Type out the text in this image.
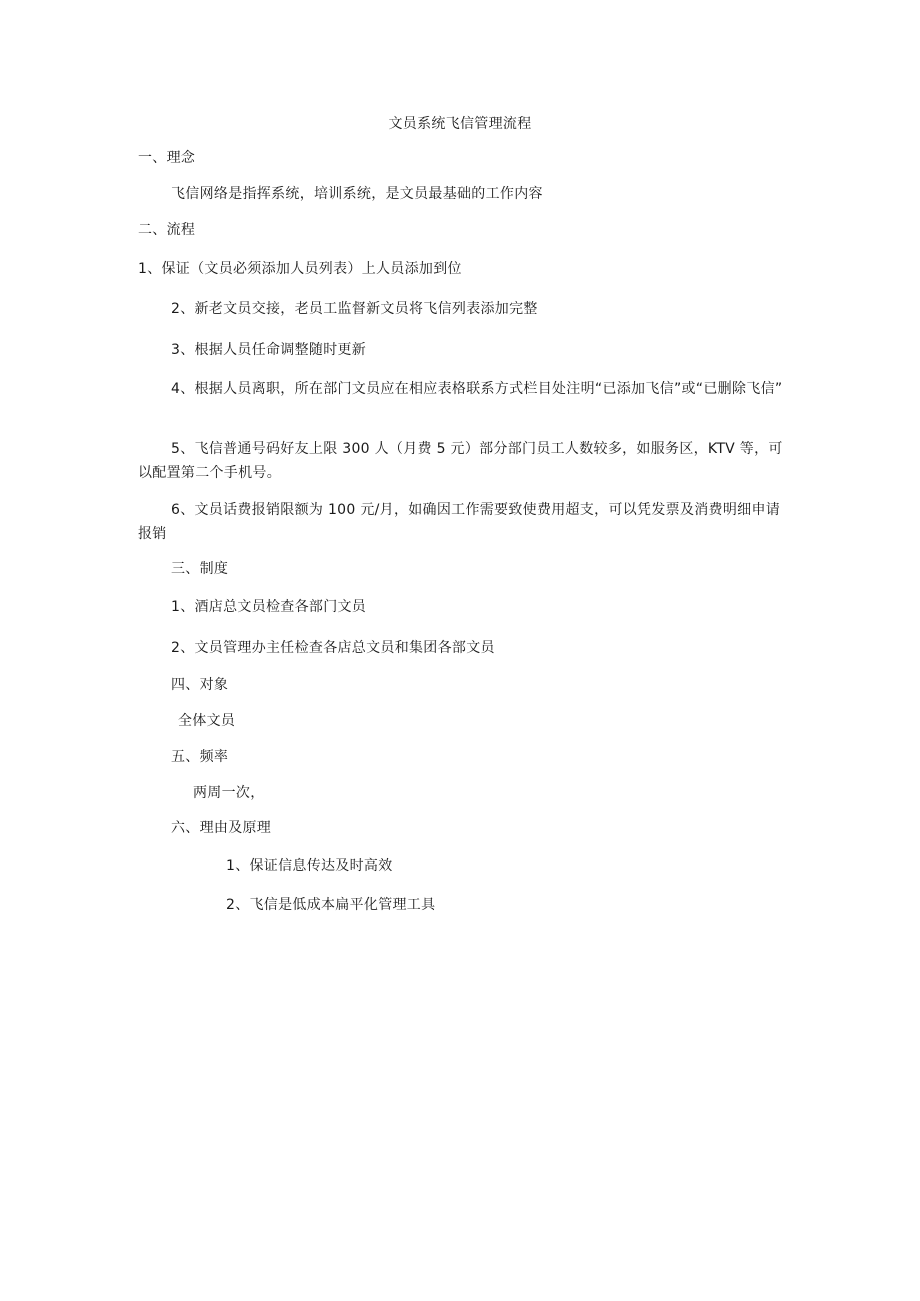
文员系统飞信管理流程
一、理念
飞信网络是指挥系统，培训系统，是文员最基础的工作内容
二、流程
1、保证（文员必须添加人员列表）上人员添加到位
2、新老文员交接，老员工监督新文员将飞信列表添加完整
3、根据人员任命调整随时更新
4、根据人员离职，所在部门文员应在相应表格联系方式栏目处注明“已添加飞信”或“已删除飞信”
5、飞信普通号码好友上限 300 人（月费 5 元）部分部门员工人数较多，如服务区，KTV 等，可以配置第二个手机号。
6、文员话费报销限额为 100 元/月，如确因工作需要致使费用超支，可以凭发票及消费明细申请报销
三、制度
1、酒店总文员检查各部门文员
2、文员管理办主任检查各店总文员和集团各部文员
四、对象
全体文员
五、频率
两周一次，
六、理由及原理
1、保证信息传达及时高效
2、飞信是低成本扁平化管理工具
